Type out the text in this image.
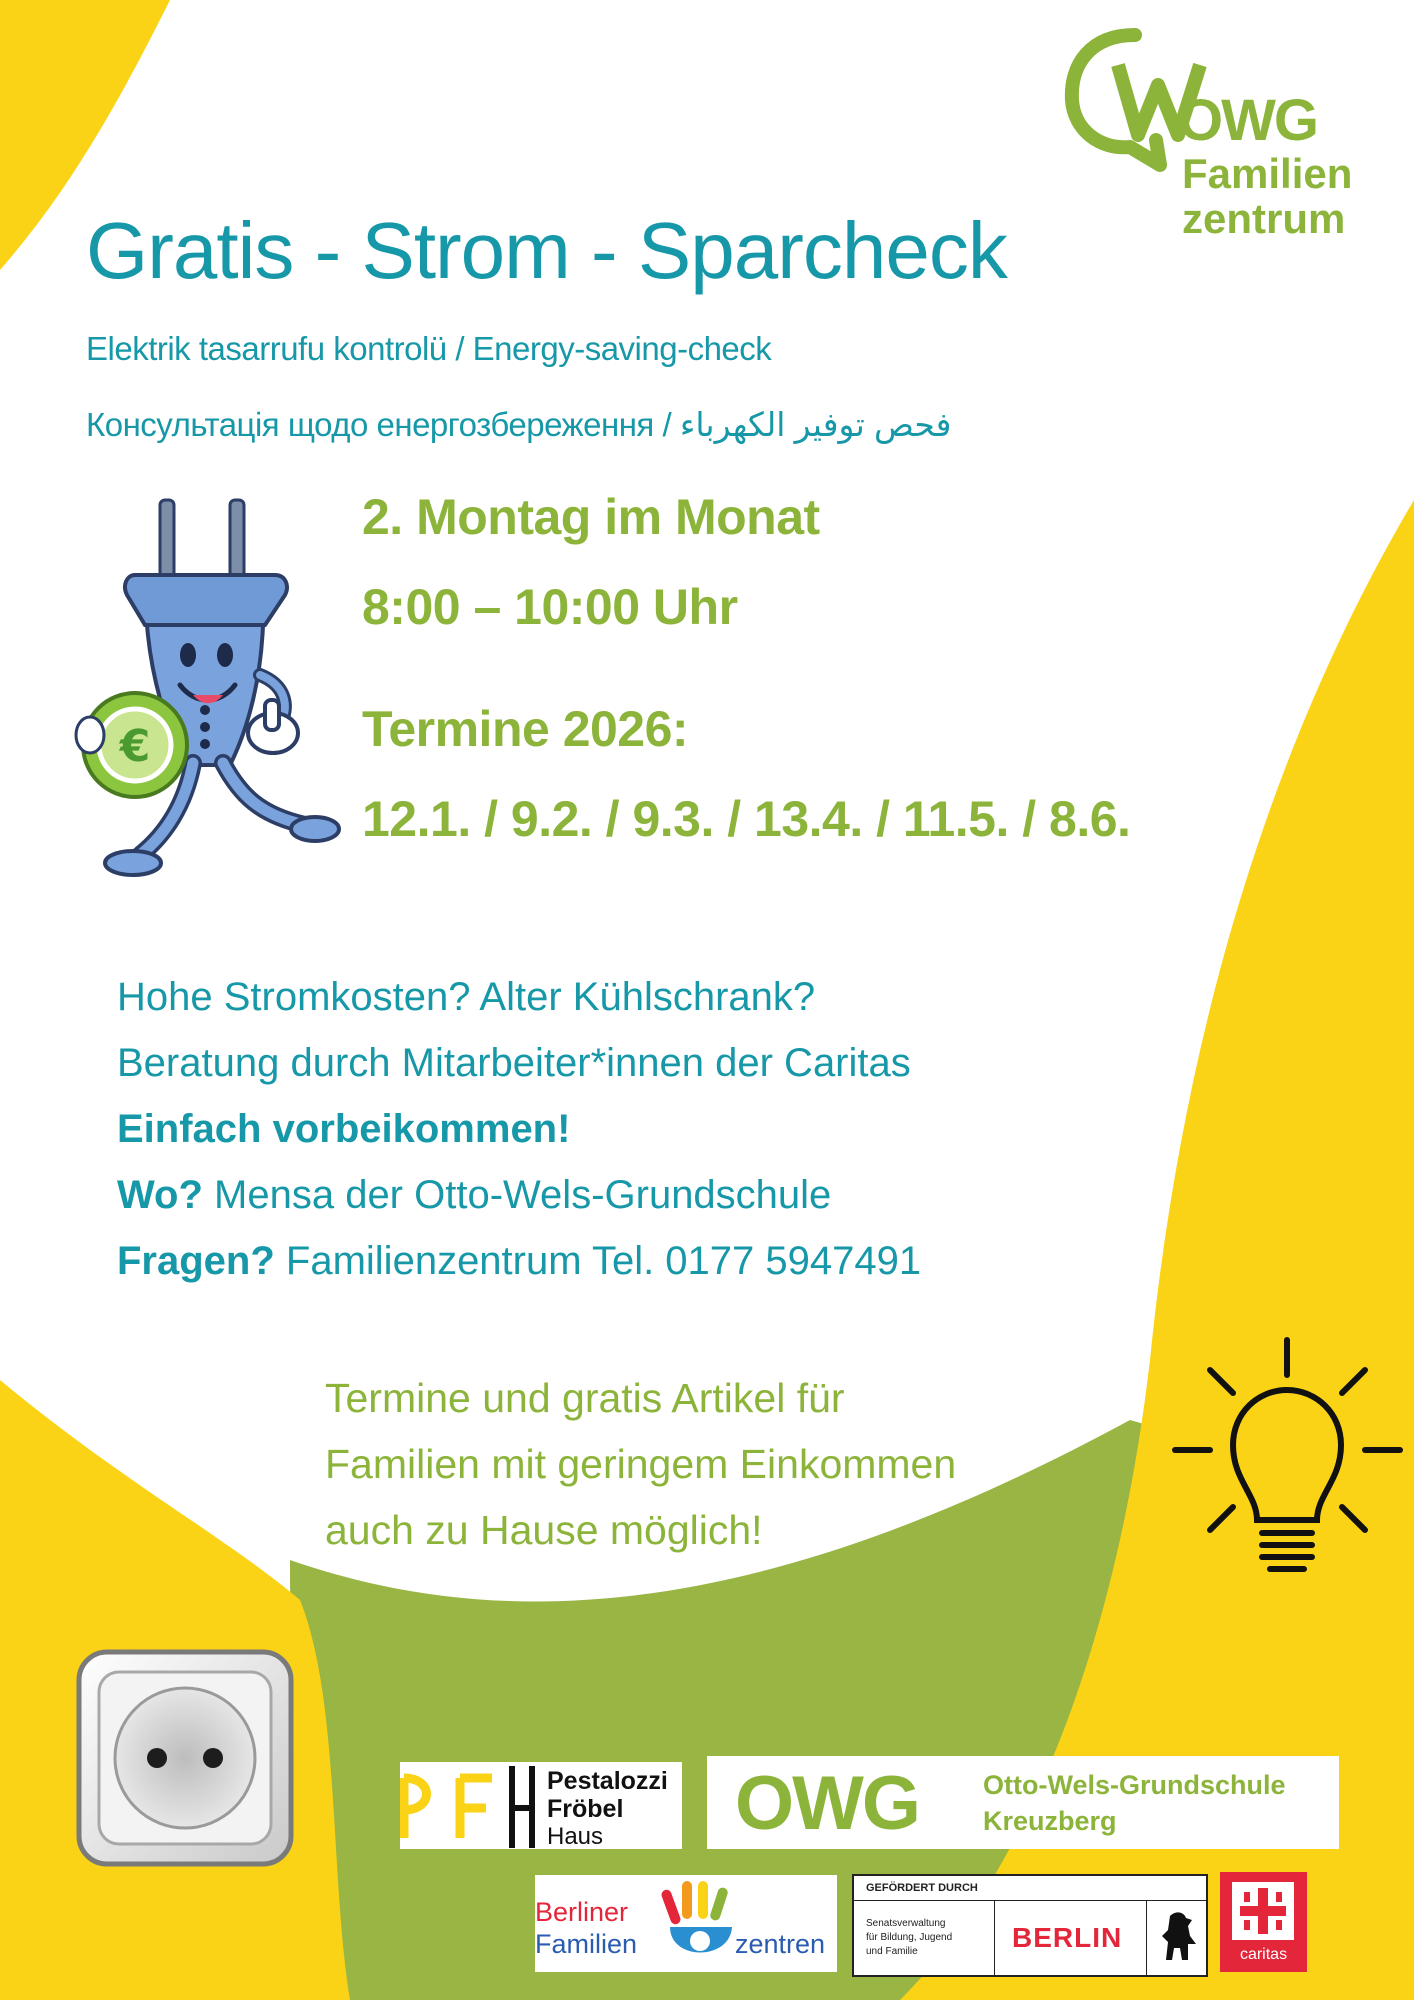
OWG
Familien
zentrum
Gratis - Strom - Sparcheck
Elektrik tasarrufu kontrolü / Energy-saving-check
Консультація щодо енергозбереження / فحص توفير الكهرباء
€
2. Montag im Monat
8:00 – 10:00 Uhr
Termine 2026:
12.1. / 9.2. / 9.3. / 13.4. / 11.5. / 8.6.
Hohe Stromkosten? Alter Kühlschrank?
Beratung durch Mitarbeiter*innen der Caritas
Einfach vorbeikommen!
Wo? Mensa der Otto-Wels-Grundschule
Fragen? Familienzentrum Tel. 0177 5947491
Termine und gratis Artikel für
Familien mit geringem Einkommen
auch zu Hause möglich!
Pestalozzi
Fröbel
Haus OWG Otto-Wels-Grundschule
Kreuzberg
Berliner
Familien	zentren
GEFÖRDERT DURCH
Senatsverwaltung
für Bildung, Jugend
und Familie	BERLIN
caritas
